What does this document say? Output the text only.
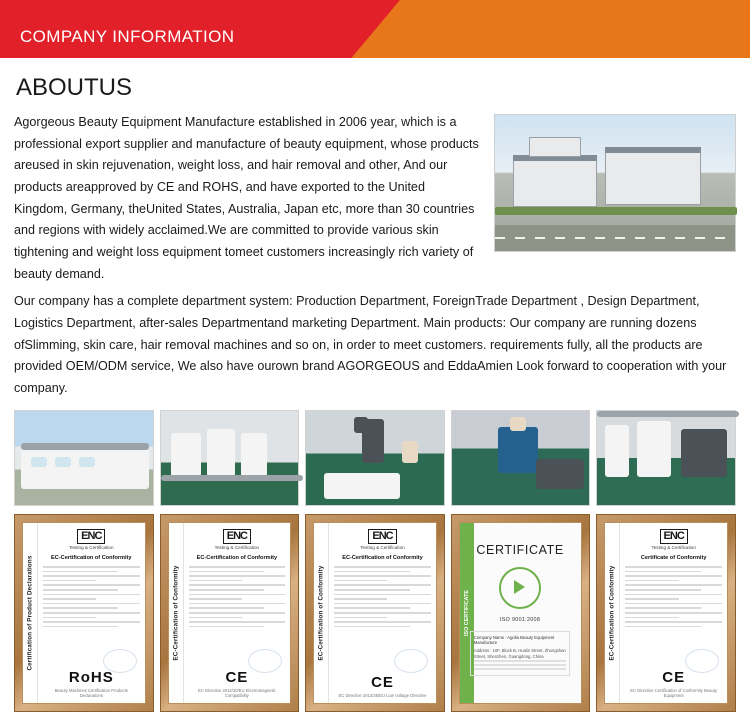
COMPANY INFORMATION
ABOUTUS

Agorgeous Beauty Equipment Manufacture established in 2006 year, which is a professional export supplier and manufacture of beauty equipment, whose products areused in skin rejuvenation, weight loss, and hair removal and other, And our products areapproved by CE and ROHS, and have exported to the United Kingdom, Germany, theUnited States, Australia, Japan etc, more than 30 countries and regions with widely acclaimed.We are committed to provide various skin tightening and weight loss equipment tomeet customers increasingly rich variety of beauty demand.

Our company has a complete department system: Production Department, ForeignTrade Department , Design Department, Logistics Department, after-sales Departmentand marketing Department. Main products: Our company are running dozens ofSlimming, skin care, hair removal machines and so on, in order to meet customers. requirements fully, all the products are provided OEM/ODM service, We also have ourown brand AGORGEOUS and EddaAmien Look forward to cooperation with your company.

Certification of Product Declarations
ENC
Testing & Certification
EC-Certification of Conformity
RoHS
Beauty Machines Certification Products Declarations
EC-Certification of Conformity
ENC
Testing & Certification
EC-Certification of Conformity
CE
EC Directive 2014/30/EU Electromagnetic Compatibility
EC-Certification of Conformity
ENC
Testing & Certification
EC-Certification of Conformity
CE
EC Directive 2014/35/EU Low Voltage Directive
ISO CERTIFICATE
CERTIFICATE
ISO 9001:2008
Company Name : Agolia Beauty Equipment Manufacture
Address : 10F, Block B, Hualin Street, Zhongshan Street, Shenzhen, Guangdong, China	EC-Certification of Conformity
ENC
Testing & Certification
Certificate of Conformity
CE
EC Directive Certification of Conformity Beauty Equipment
